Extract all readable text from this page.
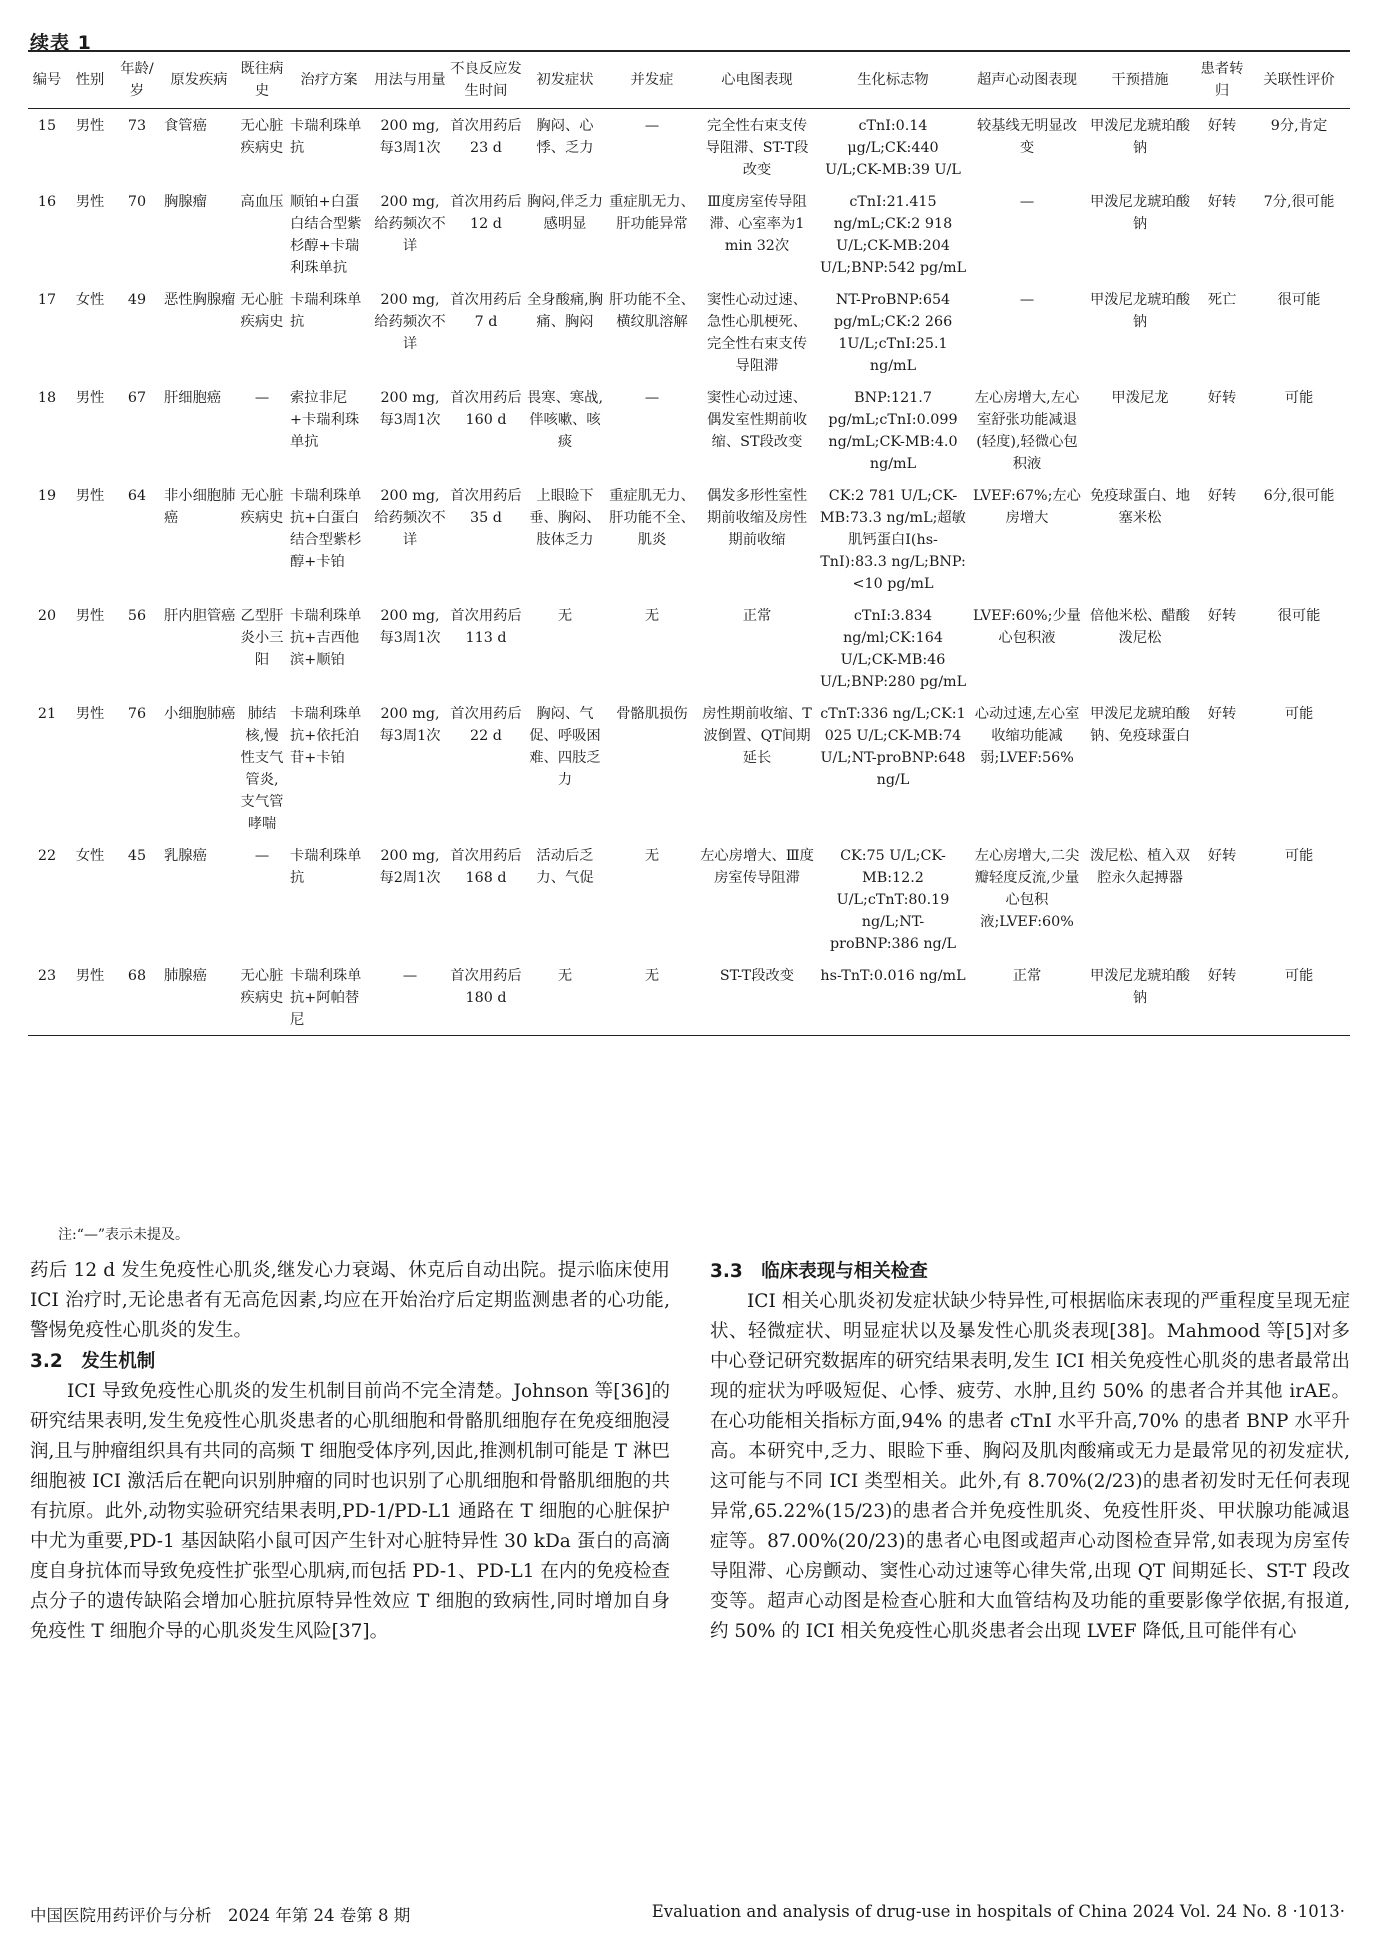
续表 1
编号	性别	年龄/岁	原发疾病	既往病史	治疗方案	用法与用量	不良反应发生时间	初发症状	并发症	心电图表现	生化标志物	超声心动图表现	干预措施	患者转归	关联性评价
15	男性	73	食管癌	无心脏疾病史	卡瑞利珠单抗	200 mg,每3周1次	首次用药后23 d	胸闷、心悸、乏力	—	完全性右束支传导阻滞、ST-T段改变	cTnI:0.14 μg/L;CK:440 U/L;CK-MB:39 U/L	较基线无明显改变	甲泼尼龙琥珀酸钠	好转	9分,肯定
16	男性	70	胸腺瘤	高血压	顺铂+白蛋白结合型紫杉醇+卡瑞利珠单抗	200 mg,给药频次不详	首次用药后12 d	胸闷,伴乏力感明显	重症肌无力、肝功能异常	Ⅲ度房室传导阻滞、心室率为1 min 32次	cTnI:21.415 ng/mL;CK:2 918 U/L;CK-MB:204 U/L;BNP:542 pg/mL	—	甲泼尼龙琥珀酸钠	好转	7分,很可能
17	女性	49	恶性胸腺瘤	无心脏疾病史	卡瑞利珠单抗	200 mg,给药频次不详	首次用药后7 d	全身酸痛,胸痛、胸闷	肝功能不全、横纹肌溶解	窦性心动过速、急性心肌梗死、完全性右束支传导阻滞	NT-ProBNP:654 pg/mL;CK:2 266 1U/L;cTnI:25.1 ng/mL	—	甲泼尼龙琥珀酸钠	死亡	很可能
18	男性	67	肝细胞癌	—	索拉非尼+卡瑞利珠单抗	200 mg,每3周1次	首次用药后160 d	畏寒、寒战,伴咳嗽、咳痰	—	窦性心动过速、偶发室性期前收缩、ST段改变	BNP:121.7 pg/mL;cTnI:0.099 ng/mL;CK-MB:4.0 ng/mL	左心房增大,左心室舒张功能减退(轻度),轻微心包积液	甲泼尼龙	好转	可能
19	男性	64	非小细胞肺癌	无心脏疾病史	卡瑞利珠单抗+白蛋白结合型紫杉醇+卡铂	200 mg,给药频次不详	首次用药后35 d	上眼睑下垂、胸闷、肢体乏力	重症肌无力、肝功能不全、肌炎	偶发多形性室性期前收缩及房性期前收缩	CK:2 781 U/L;CK-MB:73.3 ng/mL;超敏肌钙蛋白I(hs-TnI):83.3 ng/L;BNP:<10 pg/mL	LVEF:67%;左心房增大	免疫球蛋白、地塞米松	好转	6分,很可能
20	男性	56	肝内胆管癌	乙型肝炎小三阳	卡瑞利珠单抗+吉西他滨+顺铂	200 mg,每3周1次	首次用药后113 d	无	无	正常	cTnI:3.834 ng/ml;CK:164 U/L;CK-MB:46 U/L;BNP:280 pg/mL	LVEF:60%;少量心包积液	倍他米松、醋酸泼尼松	好转	很可能
21	男性	76	小细胞肺癌	肺结核,慢性支气管炎,支气管哮喘	卡瑞利珠单抗+依托泊苷+卡铂	200 mg,每3周1次	首次用药后22 d	胸闷、气促、呼吸困难、四肢乏力	骨骼肌损伤	房性期前收缩、T波倒置、QT间期延长	cTnT:336 ng/L;CK:1 025 U/L;CK-MB:74 U/L;NT-proBNP:648 ng/L	心动过速,左心室收缩功能减弱;LVEF:56%	甲泼尼龙琥珀酸钠、免疫球蛋白	好转	可能
22	女性	45	乳腺癌	—	卡瑞利珠单抗	200 mg,每2周1次	首次用药后168 d	活动后乏力、气促	无	左心房增大、Ⅲ度房室传导阻滞	CK:75 U/L;CK-MB:12.2 U/L;cTnT:80.19 ng/L;NT-proBNP:386 ng/L	左心房增大,二尖瓣轻度反流,少量心包积液;LVEF:60%	泼尼松、植入双腔永久起搏器	好转	可能
23	男性	68	肺腺癌	无心脏疾病史	卡瑞利珠单抗+阿帕替尼	—	首次用药后180 d	无	无	ST-T段改变	hs-TnT:0.016 ng/mL	正常	甲泼尼龙琥珀酸钠	好转	可能
注:“—”表示未提及。

药后 12 d 发生免疫性心肌炎,继发心力衰竭、休克后自动出院。提示临床使用 ICI 治疗时,无论患者有无高危因素,均应在开始治疗后定期监测患者的心功能,警惕免疫性心肌炎的发生。

3.2　发生机制

ICI 导致免疫性心肌炎的发生机制目前尚不完全清楚。Johnson 等[36]的研究结果表明,发生免疫性心肌炎患者的心肌细胞和骨骼肌细胞存在免疫细胞浸润,且与肿瘤组织具有共同的高频 T 细胞受体序列,因此,推测机制可能是 T 淋巴细胞被 ICI 激活后在靶向识别肿瘤的同时也识别了心肌细胞和骨骼肌细胞的共有抗原。此外,动物实验研究结果表明,PD-1/PD-L1 通路在 T 细胞的心脏保护中尤为重要,PD-1 基因缺陷小鼠可因产生针对心脏特异性 30 kDa 蛋白的高滴度自身抗体而导致免疫性扩张型心肌病,而包括 PD-1、PD-L1 在内的免疫检查点分子的遗传缺陷会增加心脏抗原特异性效应 T 细胞的致病性,同时增加自身免疫性 T 细胞介导的心肌炎发生风险[37]。

3.3　临床表现与相关检查

ICI 相关心肌炎初发症状缺少特异性,可根据临床表现的严重程度呈现无症状、轻微症状、明显症状以及暴发性心肌炎表现[38]。Mahmood 等[5]对多中心登记研究数据库的研究结果表明,发生 ICI 相关免疫性心肌炎的患者最常出现的症状为呼吸短促、心悸、疲劳、水肿,且约 50% 的患者合并其他 irAE。在心功能相关指标方面,94% 的患者 cTnI 水平升高,70% 的患者 BNP 水平升高。本研究中,乏力、眼睑下垂、胸闷及肌肉酸痛或无力是最常见的初发症状,这可能与不同 ICI 类型相关。此外,有 8.70%(2/23)的患者初发时无任何表现异常,65.22%(15/23)的患者合并免疫性肌炎、免疫性肝炎、甲状腺功能减退症等。87.00%(20/23)的患者心电图或超声心动图检查异常,如表现为房室传导阻滞、心房颤动、窦性心动过速等心律失常,出现 QT 间期延长、ST-T 段改变等。超声心动图是检查心脏和大血管结构及功能的重要影像学依据,有报道,约 50% 的 ICI 相关免疫性心肌炎患者会出现 LVEF 降低,且可能伴有心

中国医院用药评价与分析　2024 年第 24 卷第 8 期	Evaluation and analysis of drug-use in hospitals of China 2024 Vol. 24 No. 8 ·1013·
